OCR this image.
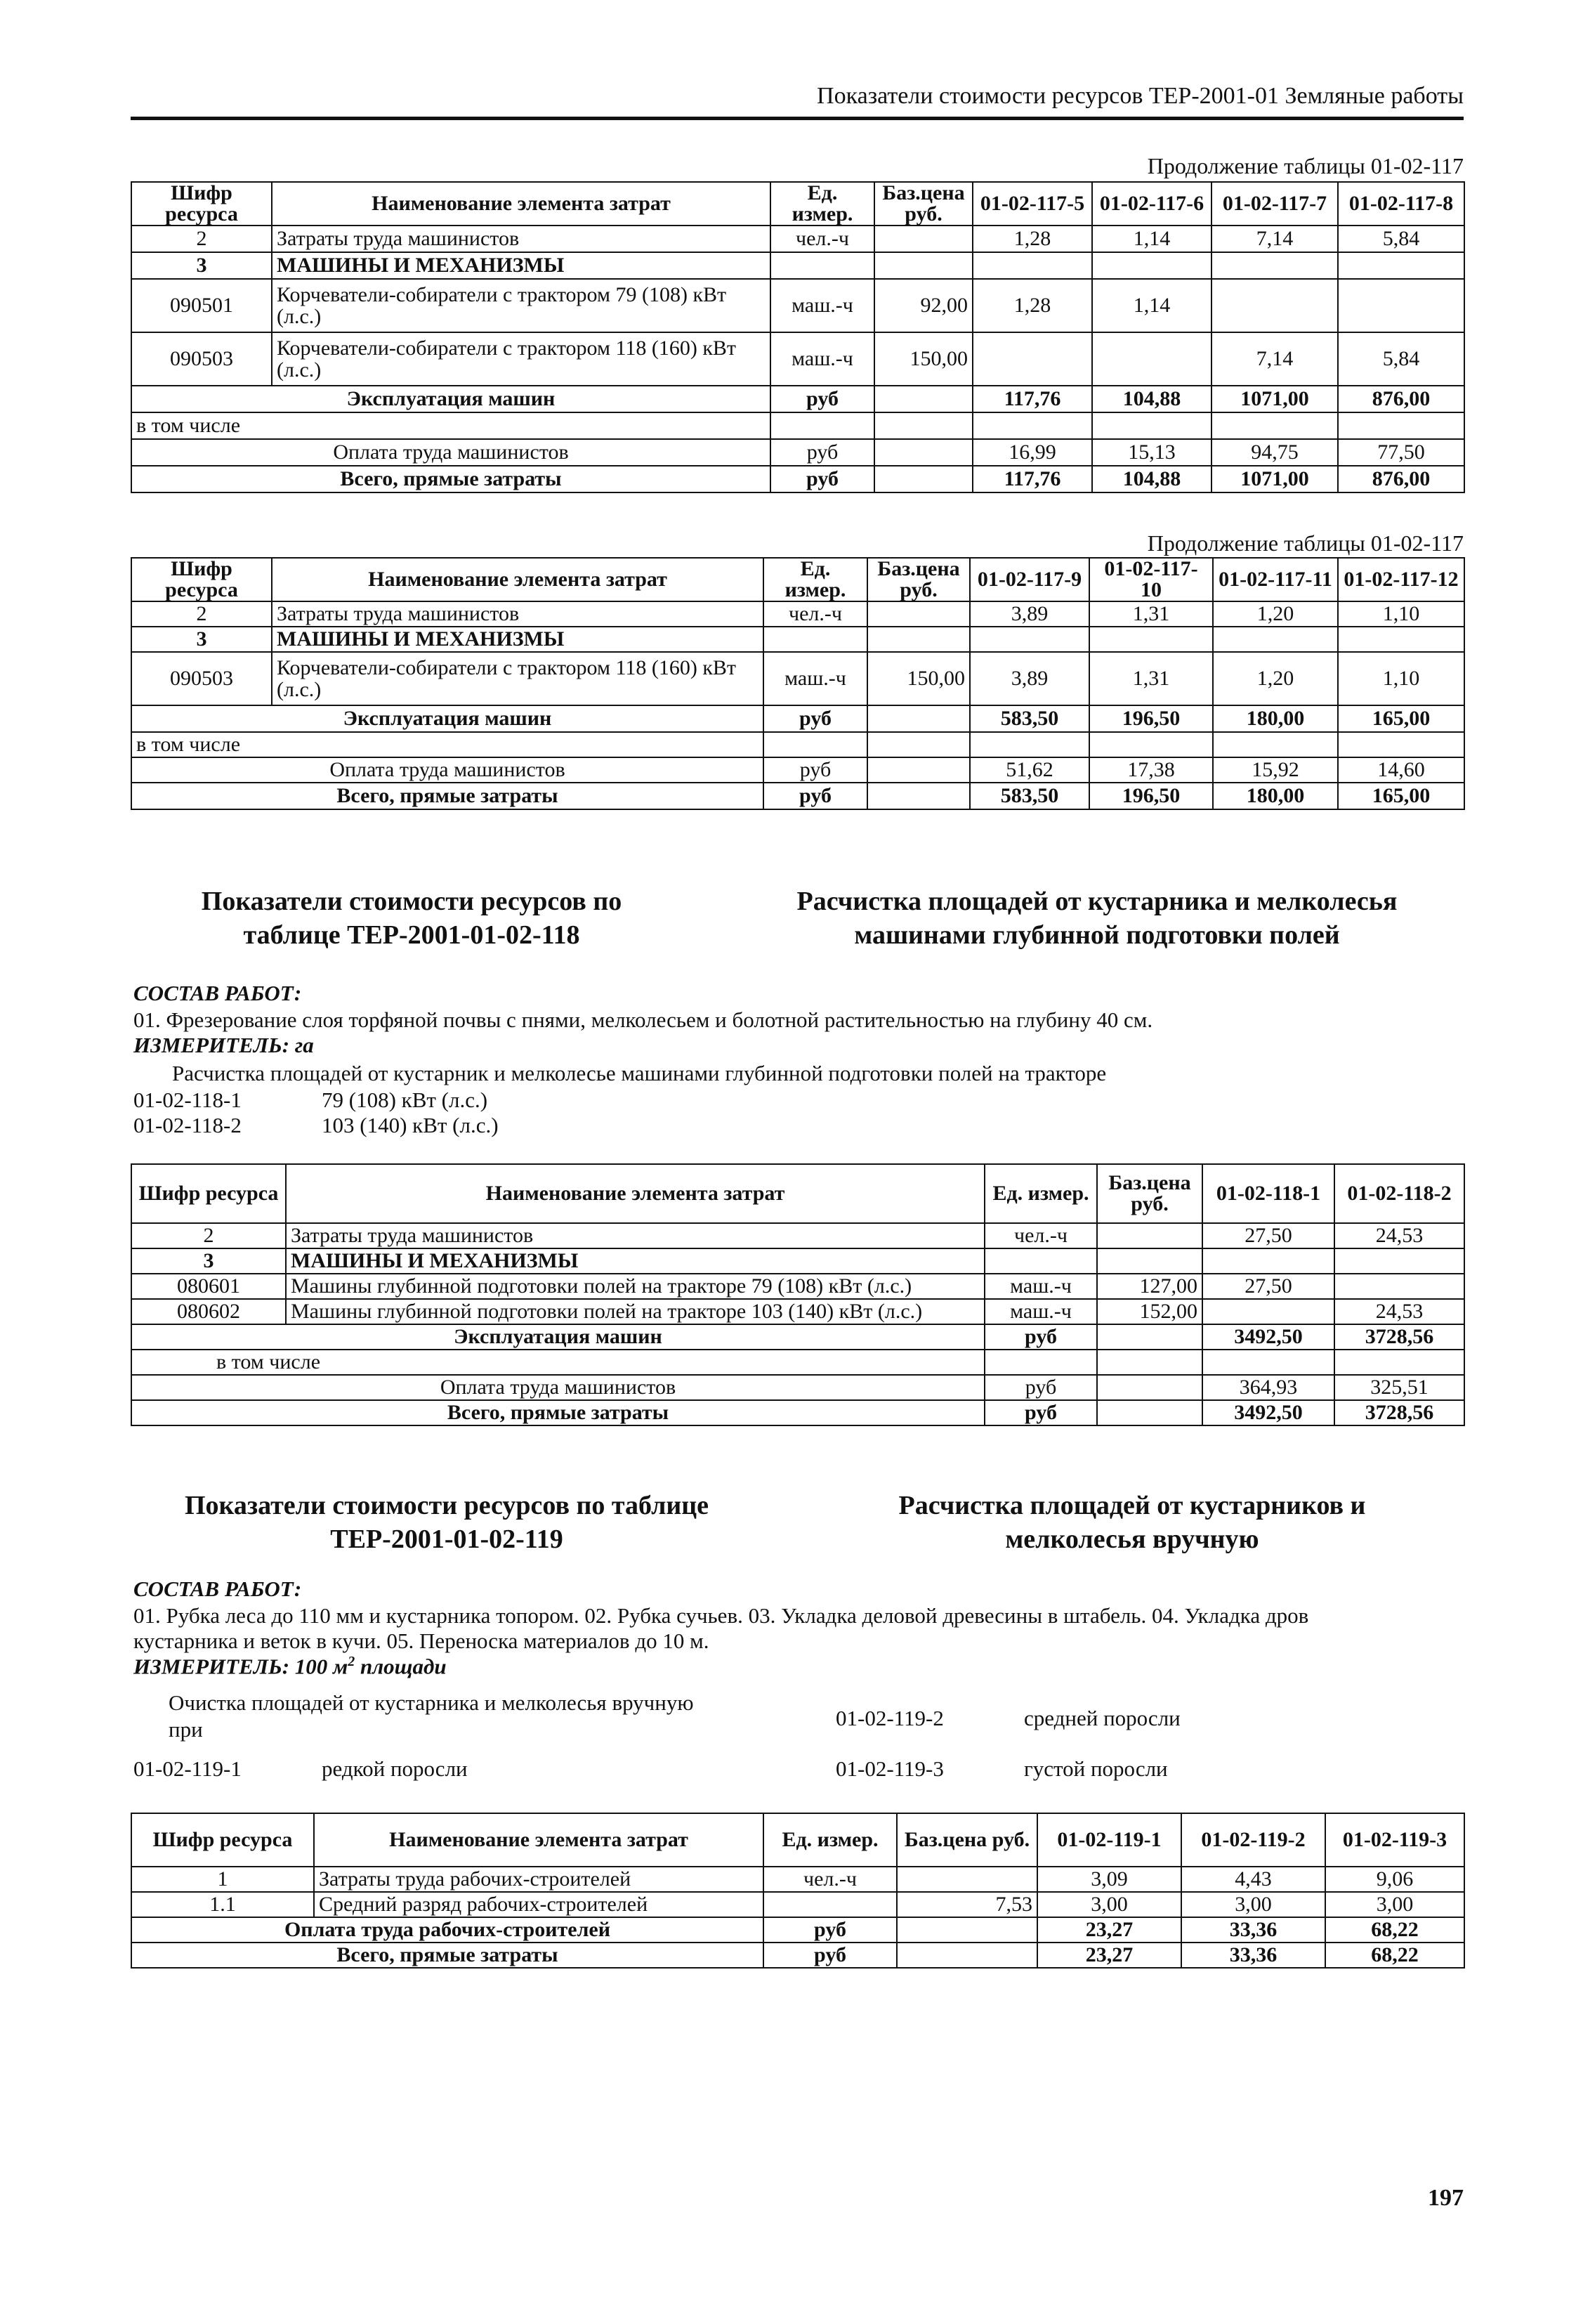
Показатели стоимости ресурсов ТЕР-2001-01 Земляные работы
Продолжение таблицы 01-02-117
Шифр ресурса	Наименование элемента затрат	Ед. измер.	Баз.цена руб.	01-02-117-5	01-02-117-6	01-02-117-7	01-02-117-8
2	Затраты труда машинистов	чел.-ч		1,28	1,14	7,14	5,84
3	МАШИНЫ И МЕХАНИЗМЫ						
090501	Корчеватели-собиратели с трактором 79 (108) кВт (л.с.)	маш.-ч	92,00	1,28	1,14		
090503	Корчеватели-собиратели с трактором 118 (160) кВт (л.с.)	маш.-ч	150,00			7,14	5,84
Эксплуатация машин		руб		117,76	104,88	1071,00	876,00
в том числе							
Оплата труда машинистов		руб		16,99	15,13	94,75	77,50
Всего, прямые затраты		руб		117,76	104,88	1071,00	876,00
Продолжение таблицы 01-02-117
Шифр ресурса	Наименование элемента затрат	Ед. измер.	Баз.цена руб.	01-02-117-9	01-02-117-10	01-02-117-11	01-02-117-12
2	Затраты труда машинистов	чел.-ч		3,89	1,31	1,20	1,10
3	МАШИНЫ И МЕХАНИЗМЫ						
090503	Корчеватели-собиратели с трактором 118 (160) кВт (л.с.)	маш.-ч	150,00	3,89	1,31	1,20	1,10
Эксплуатация машин		руб		583,50	196,50	180,00	165,00
в том числе							
Оплата труда машинистов		руб		51,62	17,38	15,92	14,60
Всего, прямые затраты		руб		583,50	196,50	180,00	165,00
Показатели стоимости ресурсов по
таблице ТЕР-2001-01-02-118
Расчистка площадей от кустарника и мелколесья
машинами глубинной подготовки полей
СОСТАВ РАБОТ:
01. Фрезерование слоя торфяной почвы с пнями, мелколесьем и болотной растительностью на глубину 40 см.
ИЗМЕРИТЕЛЬ: га
Расчистка площадей от кустарник и мелколесье машинами глубинной подготовки полей на тракторе
01-02-118-1	79 (108) кВт (л.с.)
01-02-118-2	103 (140) кВт (л.с.)
Шифр ресурса	Наименование элемента затрат	Ед. измер.	Баз.цена руб.	01-02-118-1	01-02-118-2
2	Затраты труда машинистов	чел.-ч		27,50	24,53
3	МАШИНЫ И МЕХАНИЗМЫ				
080601	Машины глубинной подготовки полей на тракторе 79 (108) кВт (л.с.)	маш.-ч	127,00	27,50	
080602	Машины глубинной подготовки полей на тракторе 103 (140) кВт (л.с.)	маш.-ч	152,00		24,53
Эксплуатация машин		руб		3492,50	3728,56
в том числе					
Оплата труда машинистов		руб		364,93	325,51
Всего, прямые затраты		руб		3492,50	3728,56
Показатели стоимости ресурсов по таблице
ТЕР-2001-01-02-119
Расчистка площадей от кустарников и
мелколесья вручную
СОСТАВ РАБОТ:
01. Рубка леса до 110 мм и кустарника топором. 02. Рубка сучьев. 03. Укладка деловой древесины в штабель. 04. Укладка дров
кустарника и веток в кучи. 05. Переноска материалов до 10 м.
ИЗМЕРИТЕЛЬ: 100 $м^2$ площади
Очистка площадей от кустарника и мелколесья вручную
при	01-02-119-2	средней поросли
01-02-119-1	редкой поросли	01-02-119-3	густой поросли
Шифр ресурса	Наименование элемента затрат	Ед. измер.	Баз.цена руб.	01-02-119-1	01-02-119-2	01-02-119-3
1	Затраты труда рабочих-строителей	чел.-ч		3,09	4,43	9,06
1.1	Средний разряд рабочих-строителей		7,53	3,00	3,00	3,00
Оплата труда рабочих-строителей		руб		23,27	33,36	68,22
Всего, прямые затраты		руб		23,27	33,36	68,22
197
